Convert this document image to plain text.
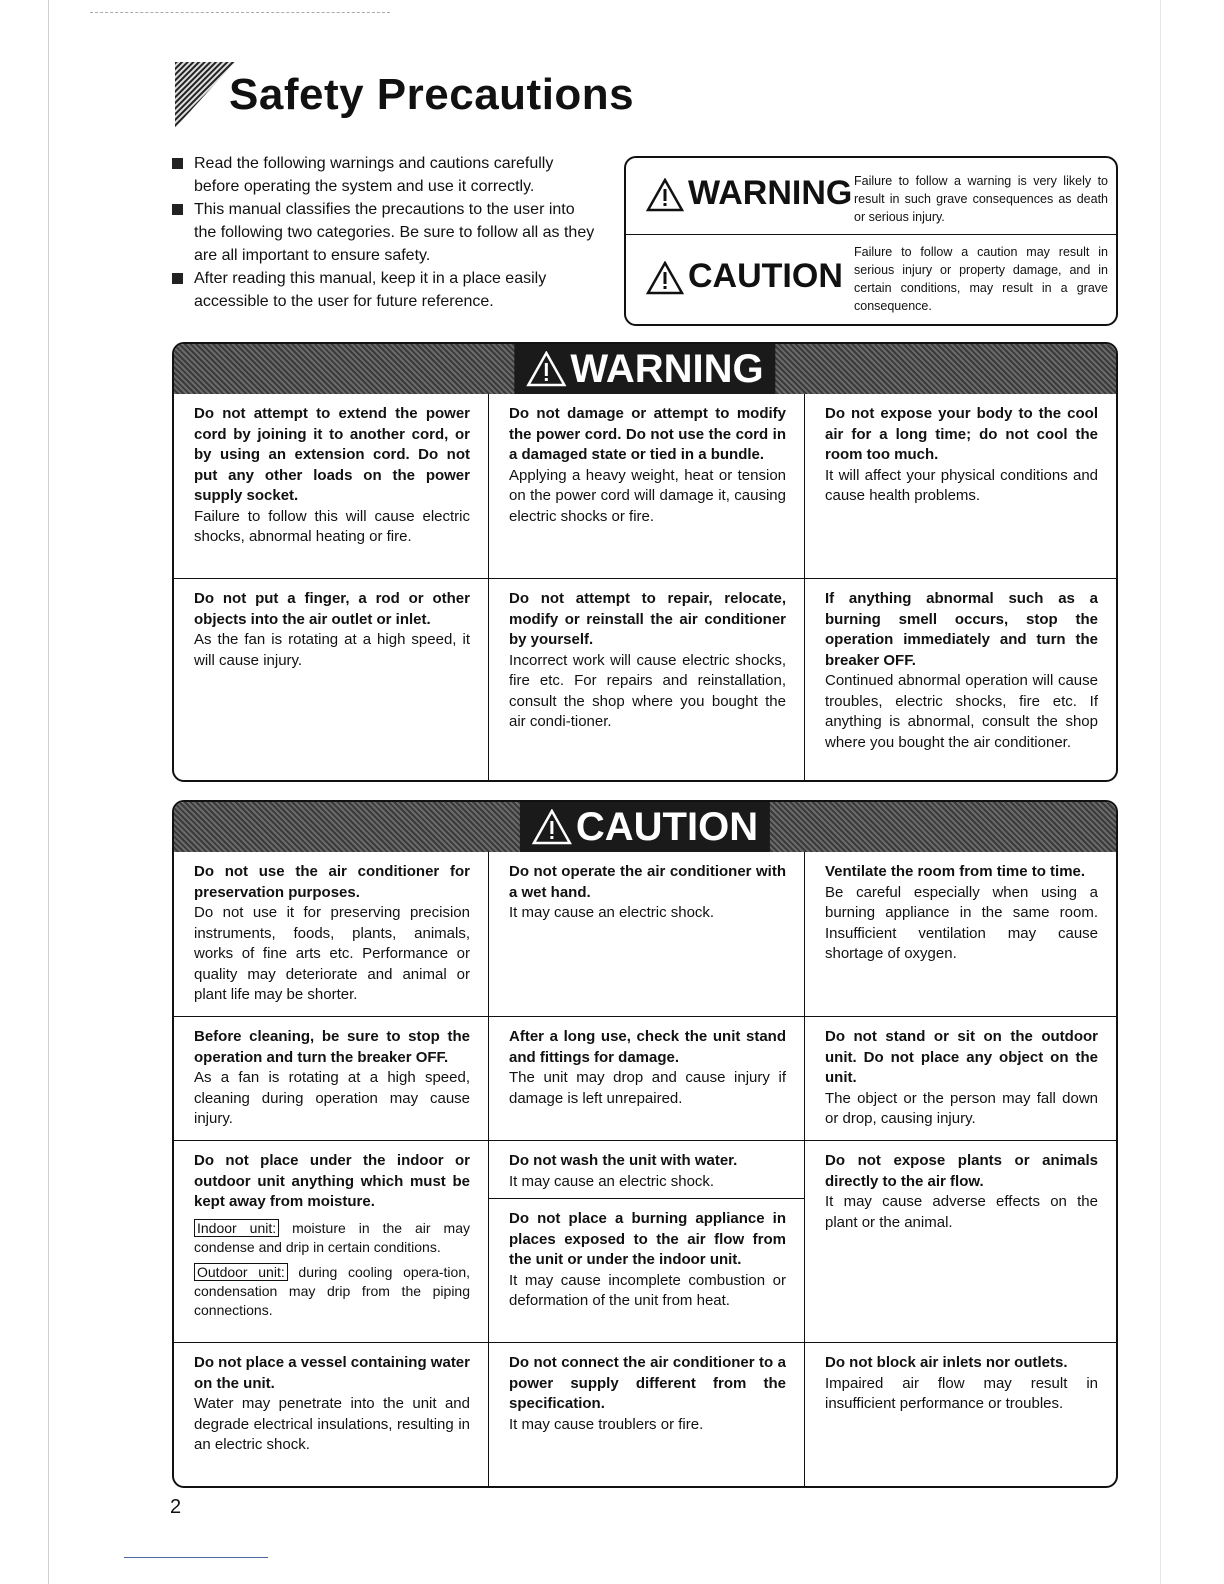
Safety Precautions
Read the following warnings and cautions carefully before operating the system and use it correctly.
This manual classifies the precautions to the user into the following two categories. Be sure to follow all as they are all important to ensure safety.
After reading this manual, keep it in a place easily accessible to the user for future reference.
WARNING Failure to follow a warning is very likely to result in such grave consequences as death or serious injury.
CAUTION
Failure to follow a caution may result in serious injury or property damage, and in certain conditions, may result in a grave consequence.
WARNING
Do not attempt to extend the power cord by joining it to another cord, or by using an extension cord. Do not put any other loads on the power supply socket.
Failure to follow this will cause electric shocks, abnormal heating or fire.
Do not damage or attempt to modify the power cord. Do not use the cord in a damaged state or tied in a bundle.
Applying a heavy weight, heat or tension on the power cord will damage it, causing electric shocks or fire.
Do not expose your body to the cool air for a long time; do not cool the room too much.
It will affect your physical conditions and cause health problems.
Do not put a finger, a rod or other objects into the air outlet or inlet.
As the fan is rotating at a high speed, it will cause injury.
Do not attempt to repair, relocate, modify or reinstall the air conditioner by yourself.
Incorrect work will cause electric shocks, fire etc. For repairs and reinstallation, consult the shop where you bought the air condi-tioner.
If anything abnormal such as a burning smell occurs, stop the operation immediately and turn the breaker OFF.
Continued abnormal operation will cause troubles, electric shocks, fire etc. If anything is abnormal, consult the shop where you bought the air conditioner.
CAUTION
Do not use the air conditioner for preservation purposes.
Do not use it for preserving precision instruments, foods, plants, animals, works of fine arts etc. Performance or quality may deteriorate and animal or plant life may be shorter.
Do not operate the air conditioner with a wet hand.
It may cause an electric shock.
Ventilate the room from time to time.
Be careful especially when using a burning appliance in the same room. Insufficient ventilation may cause shortage of oxygen.
Before cleaning, be sure to stop the operation and turn the breaker OFF.
As a fan is rotating at a high speed, cleaning during operation may cause injury.
After a long use, check the unit stand and fittings for damage.
The unit may drop and cause injury if damage is left unrepaired.
Do not stand or sit on the outdoor unit. Do not place any object on the unit.
The object or the person may fall down or drop, causing injury.
Do not place under the indoor or outdoor unit anything which must be kept away from moisture.
Indoor unit: moisture in the air may condense and drip in certain conditions.
Outdoor unit: during cooling opera-tion, condensation may drip from the piping connections.
Do not wash the unit with water.
It may cause an electric shock.
Do not place a burning appliance in places exposed to the air flow from the unit or under the indoor unit.
It may cause incomplete combustion or deformation of the unit from heat.
Do not expose plants or animals directly to the air flow.
It may cause adverse effects on the plant or the animal.
Do not place a vessel containing water on the unit.
Water may penetrate into the unit and degrade electrical insulations, resulting in an electric shock.
Do not connect the air conditioner to a power supply different from the specification.
It may cause troublers or fire.
Do not block air inlets nor outlets.
Impaired air flow may result in insufficient performance or troubles.
2
